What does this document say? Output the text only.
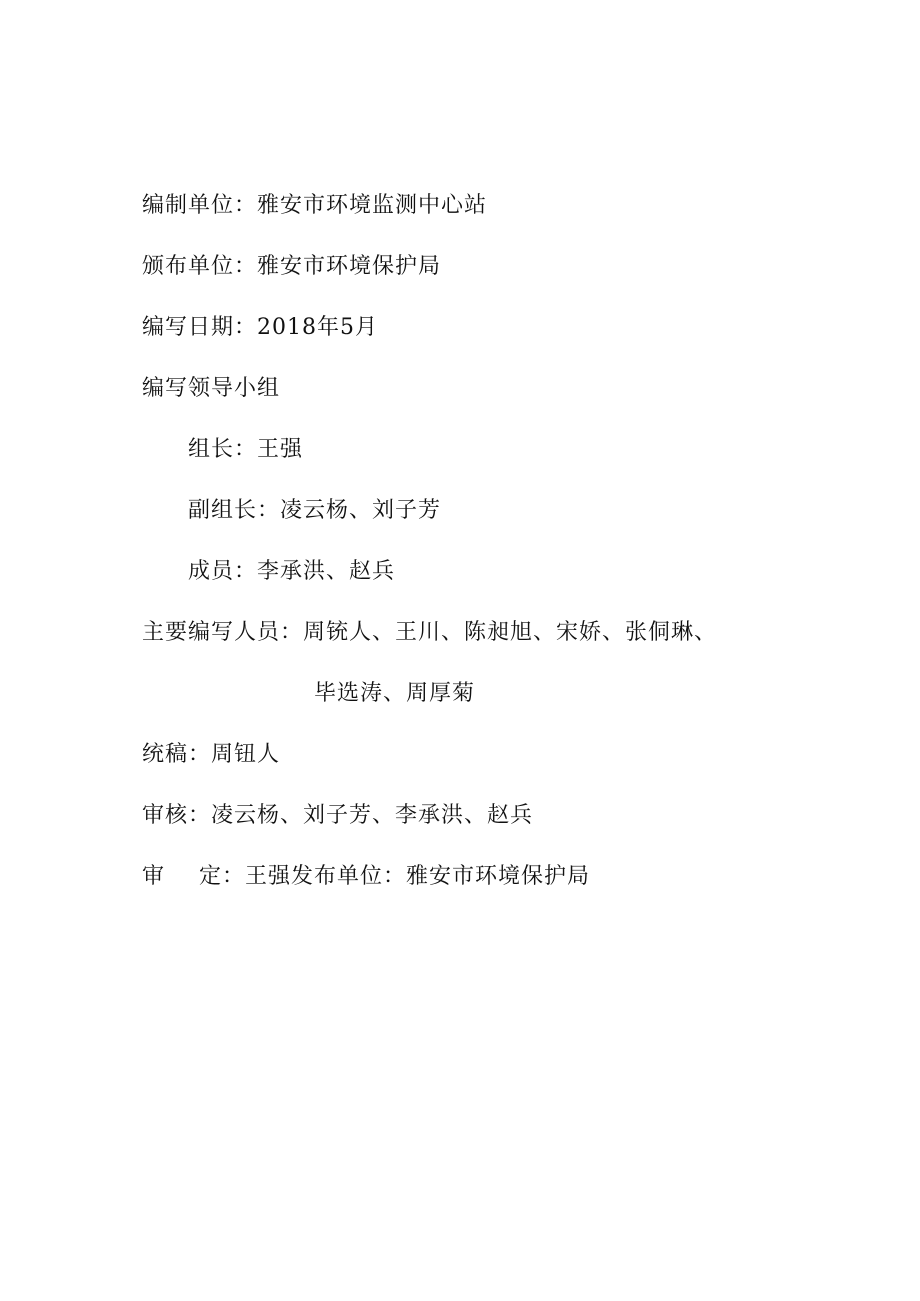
编制单位：雅安市环境监测中心站
颁布单位：雅安市环境保护局
编写日期：2018年5月
编写领导小组
组长：王强
副组长：凌云杨、刘子芳
成员：李承洪、赵兵
主要编写人员：周铳人、王川、陈昶旭、宋娇、张侗琳、
毕选涛、周厚菊
统稿：周钮人
审核：凌云杨、刘子芳、李承洪、赵兵
审 定：王强发布单位：雅安市环境保护局
